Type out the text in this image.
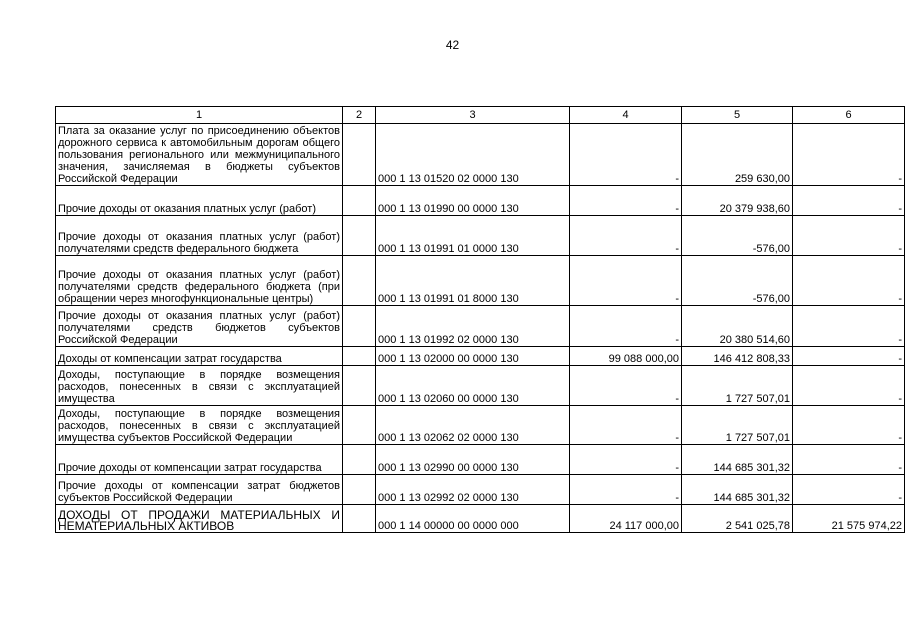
42
1	2	3	4	5	6
Плата за оказание услуг по присоединению объектов дорожного сервиса к автомобильным дорогам общего пользования регионального или межмуниципального значения, зачисляемая в бюджеты субъектов Российской Федерации		000 1 13 01520 02 0000 130	-	259 630,00	-
Прочие доходы от оказания платных услуг (работ)		000 1 13 01990 00 0000 130	-	20 379 938,60	-
Прочие доходы от оказания платных услуг (работ) получателями средств федерального бюджета		000 1 13 01991 01 0000 130	-	-576,00	-
Прочие доходы от оказания платных услуг (работ) получателями средств федерального бюджета (при обращении через многофункциональные центры)		000 1 13 01991 01 8000 130	-	-576,00	-
Прочие доходы от оказания платных услуг (работ) получателями средств бюджетов субъектов Российской Федерации		000 1 13 01992 02 0000 130	-	20 380 514,60	-
Доходы от компенсации затрат государства		000 1 13 02000 00 0000 130	99 088 000,00	146 412 808,33	-
Доходы, поступающие в порядке возмещения расходов, понесенных в связи с эксплуатацией имущества		000 1 13 02060 00 0000 130	-	1 727 507,01	-
Доходы, поступающие в порядке возмещения расходов, понесенных в связи с эксплуатацией имущества субъектов Российской Федерации		000 1 13 02062 02 0000 130	-	1 727 507,01	-
Прочие доходы от компенсации затрат государства		000 1 13 02990 00 0000 130	-	144 685 301,32	-
Прочие доходы от компенсации затрат бюджетов субъектов Российской Федерации		000 1 13 02992 02 0000 130	-	144 685 301,32	-
ДОХОДЫ ОТ ПРОДАЖИ МАТЕРИАЛЬНЫХ И НЕМАТЕРИАЛЬНЫХ АКТИВОВ		000 1 14 00000 00 0000 000	24 117 000,00	2 541 025,78	21 575 974,22
